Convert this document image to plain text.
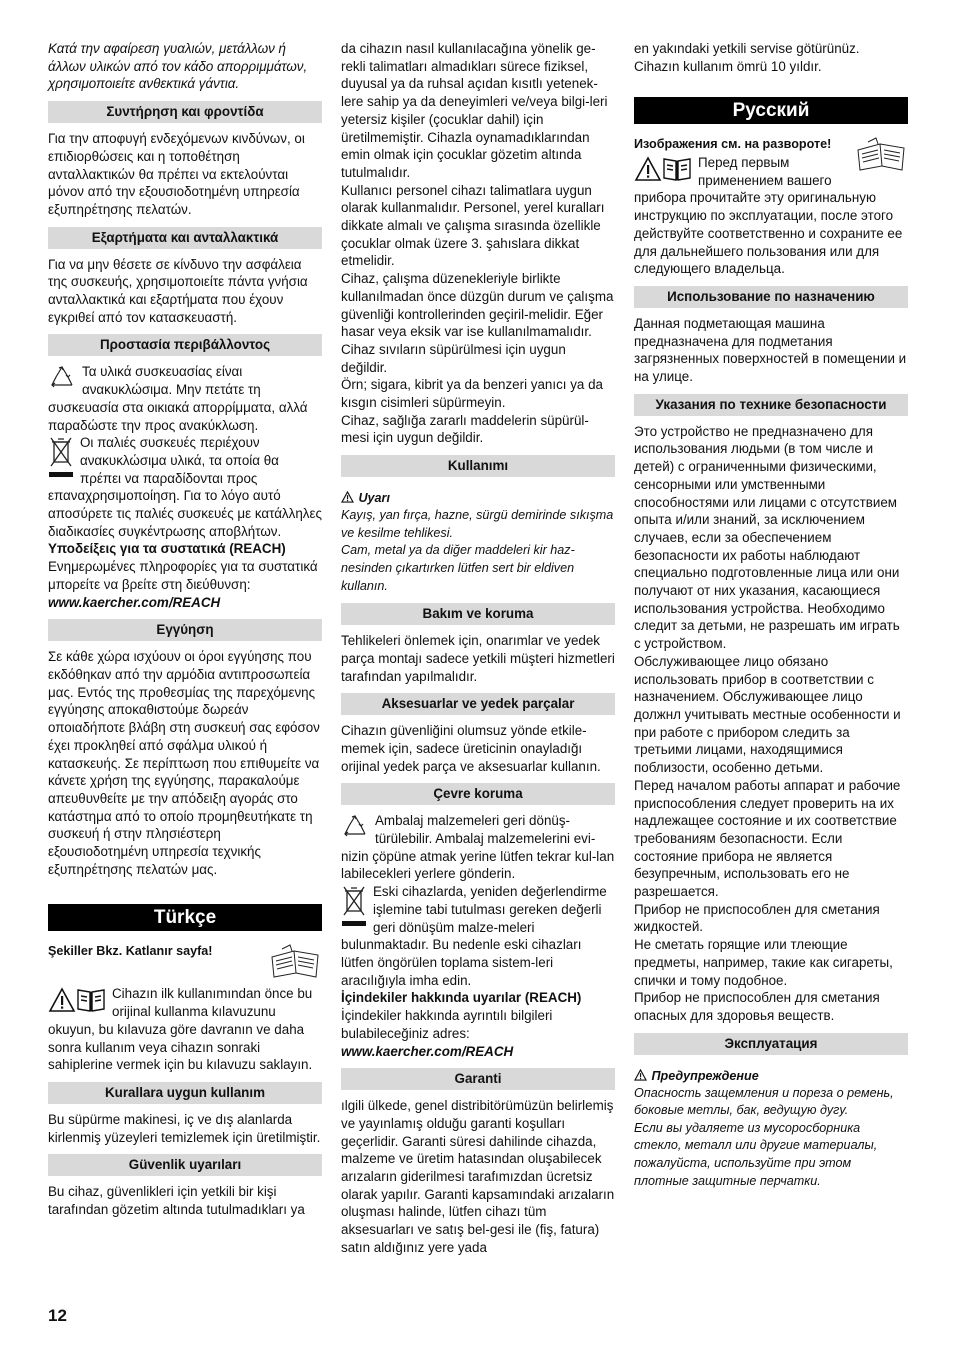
Κατά την αφαίρεση γυαλιών, μετάλλων ή άλλων υλικών από τον κάδο απορριμμάτων, χρησιμοποιείτε ανθεκτικά γάντια.

Συντήρηση και φροντίδα

Για την αποφυγή ενδεχόμενων κινδύνων, οι επιδιορθώσεις και η τοποθέτηση ανταλλακτικών θα πρέπει να εκτελούνται μόνον από την εξουσιοδοτημένη υπηρεσία εξυπηρέτησης πελατών.

Εξαρτήματα και ανταλλακτικά

Για να μην θέσετε σε κίνδυνο την ασφάλεια της συσκευής, χρησιμοποιείτε πάντα γνήσια ανταλλακτικά και εξαρτήματα που έχουν εγκριθεί από τον κατασκευαστή.

Προστασία περιβάλλοντος

Τα υλικά συσκευασίας είναι ανακυκλώσιμα. Μην πετάτε τη συσκευασία στα οικιακά απορρίμματα, αλλά παραδώστε την προς ανακύκλωση.

Οι παλιές συσκευές περιέχουν ανακυκλώσιμα υλικά, τα οποία θα πρέπει να παραδίδονται προς επαναχρησιμοποίηση. Για το λόγο αυτό αποσύρετε τις παλιές συσκευές με κατάλληλες διαδικασίες συγκέντρωσης αποβλήτων.

Υποδείξεις για τα συστατικά (REACH)

Ενημερωμένες πληροφορίες για τα συστατικά μπορείτε να βρείτε στη διεύθυνση:

www.kaercher.com/REACH

Εγγύηση

Σε κάθε χώρα ισχύουν οι όροι εγγύησης που εκδόθηκαν από την αρμόδια αντιπροσωπεία μας. Εντός της προθεσμίας της παρεχόμενης εγγύησης αποκαθιστούμε δωρεάν οποιαδήποτε βλάβη στη συσκευή σας εφόσον έχει προκληθεί από σφάλμα υλικού ή κατασκευής. Σε περίπτωση που επιθυμείτε να κάνετε χρήση της εγγύησης, παρακαλούμε απευθυνθείτε με την απόδειξη αγοράς στο κατάστημα από το οποίο προμηθευτήκατε τη συσκευή ή στην πλησιέστερη εξουσιοδοτημένη υπηρεσία τεχνικής εξυπηρέτησης πελατών μας.

Türkçe

Şekiller Bkz. Katlanır sayfa!

Cihazın ilk kullanımından önce bu orijinal kullanma kılavuzunu okuyun, bu kılavuza göre davranın ve daha sonra kullanım veya cihazın sonraki sahiplerine vermek için bu kılavuzu saklayın.

Kurallara uygun kullanım

Bu süpürme makinesi, iç ve dış alanlarda kirlenmiş yüzeyleri temizlemek için üretilmiştir.

Güvenlik uyarıları

Bu cihaz, güvenlikleri için yetkili bir kişi tarafından gözetim altında tutulmadıkları ya

da cihazın nasıl kullanılacağına yönelik ge-rekli talimatları almadıkları sürece fiziksel, duyusal ya da ruhsal açıdan kısıtlı yetenek-lere sahip ya da deneyimleri ve/veya bilgi-leri yetersiz kişiler (çocuklar dahil) için üretilmemiştir. Cihazla oynamadıklarından emin olmak için çocuklar gözetim altında tutulmalıdır.

Kullanıcı personel cihazı talimatlara uygun olarak kullanmalıdır. Personel, yerel kuralları dikkate almalı ve çalışma sırasında özellikle çocuklar olmak üzere 3. şahıslara dikkat etmelidir.

Cihaz, çalışma düzenekleriyle birlikte kullanılmadan önce düzgün durum ve çalışma güvenliği kontrollerinden geçiril-melidir. Eğer hasar veya eksik var ise kullanılmamalıdır.

Cihaz sıvıların süpürülmesi için uygun değildir.

Örn; sigara, kibrit ya da benzeri yanıcı ya da kısgın cisimleri süpürmeyin.

Cihaz, sağlığa zararlı maddelerin süpürül-mesi için uygun değildir.

Kullanımı
Uyarı

Kayış, yan fırça, hazne, sürgü demirinde sıkışma ve kesilme tehlikesi.

Cam, metal ya da diğer maddeleri kir haz-nesinden çıkartırken lütfen sert bir eldiven kullanın.

Bakım ve koruma

Tehlikeleri önlemek için, onarımlar ve yedek parça montajı sadece yetkili müşteri hizmetleri tarafından yapılmalıdır.

Aksesuarlar ve yedek parçalar

Cihazın güvenliğini olumsuz yönde etkile-memek için, sadece üreticinin onayladığı orijinal yedek parça ve aksesuarlar kullanın.

Çevre koruma

Ambalaj malzemeleri geri dönüş-türülebilir. Ambalaj malzemelerini evi-nizin çöpüne atmak yerine lütfen tekrar kul-lan labilecekleri yerlere gönderin.

Eski cihazlarda, yeniden değerlendirme işlemine tabi tutulması gereken değerli geri dönüşüm malze-meleri bulunmaktadır. Bu nedenle eski cihazları lütfen öngörülen toplama sistem-leri aracılığıyla imha edin.

İçindekiler hakkında uyarılar (REACH)

İçindekiler hakkında ayrıntılı bilgileri bulabileceğiniz adres:

www.kaercher.com/REACH

Garanti

ılgili ülkede, genel distribitörümüzün belirlemiş ve yayınlamış olduğu garanti koşulları geçerlidir. Garanti süresi dahilinde cihazda, malzeme ve üretim hatasından oluşabilecek arızaların giderilmesi tarafımızdan ücretsiz olarak yapılır. Garanti kapsamındaki arızaların oluşması halinde, lütfen cihazı tüm aksesuarları ve satış bel-gesi ile (fiş, fatura) satın aldığınız yere yada

en yakındaki yetkili servise götürünüz.

Cihazın kullanım ömrü 10 yıldır.

Русский

Изображения см. на развороте!

Перед первым применением вашего прибора прочитайте эту оригинальную инструкцию по эксплуатации, после этого действуйте соответственно и сохраните ее для дальнейшего пользования или для следующего владельца.

Использование по назначению

Данная подметающая машина предназначена для подметания загрязненных поверхностей в помещении и на улице.

Указания по технике безопасности

Это устройство не предназначено для использования людьми (в том числе и детей) с ограниченными физическими, сенсорными или умственными способностями или лицами с отсутствием опыта и/или знаний, за исключением случаев, если за обеспечением безопасности их работы наблюдают специально подготовленные лица или они получают от них указания, касающиеся использования устройства. Необходимо следит за детьми, не разрешать им играть с устройством.

Обслуживающее лицо обязано использовать прибор в соответствии с назначением. Обслуживающее лицо должнл учитывать местные особенности и при работе с прибором следить за третьими лицами, находящимися поблизости, особенно детьми.

Перед началом работы аппарат и рабочие приспособления следует проверить на их надлежащее состояние и их соответствие требованиям безопасности. Если состояние прибора не является безупречным, использовать его не разрешается.

Прибор не приспособлен для сметания жидкостей.

Не сметать горящие или тлеющие предметы, например, такие как сигареты, спички и тому подобное.

Прибор не приспособлен для сметания опасных для здоровья веществ.

Эксплуатация
Предупреждение

Опасность защемления и пореза о ремень, боковые метлы, бак, ведущую дугу.

Если вы удаляете из мусоросборника стекло, металл или другие материалы, пожалуйста, используйте при этом плотные защитные перчатки.

12
